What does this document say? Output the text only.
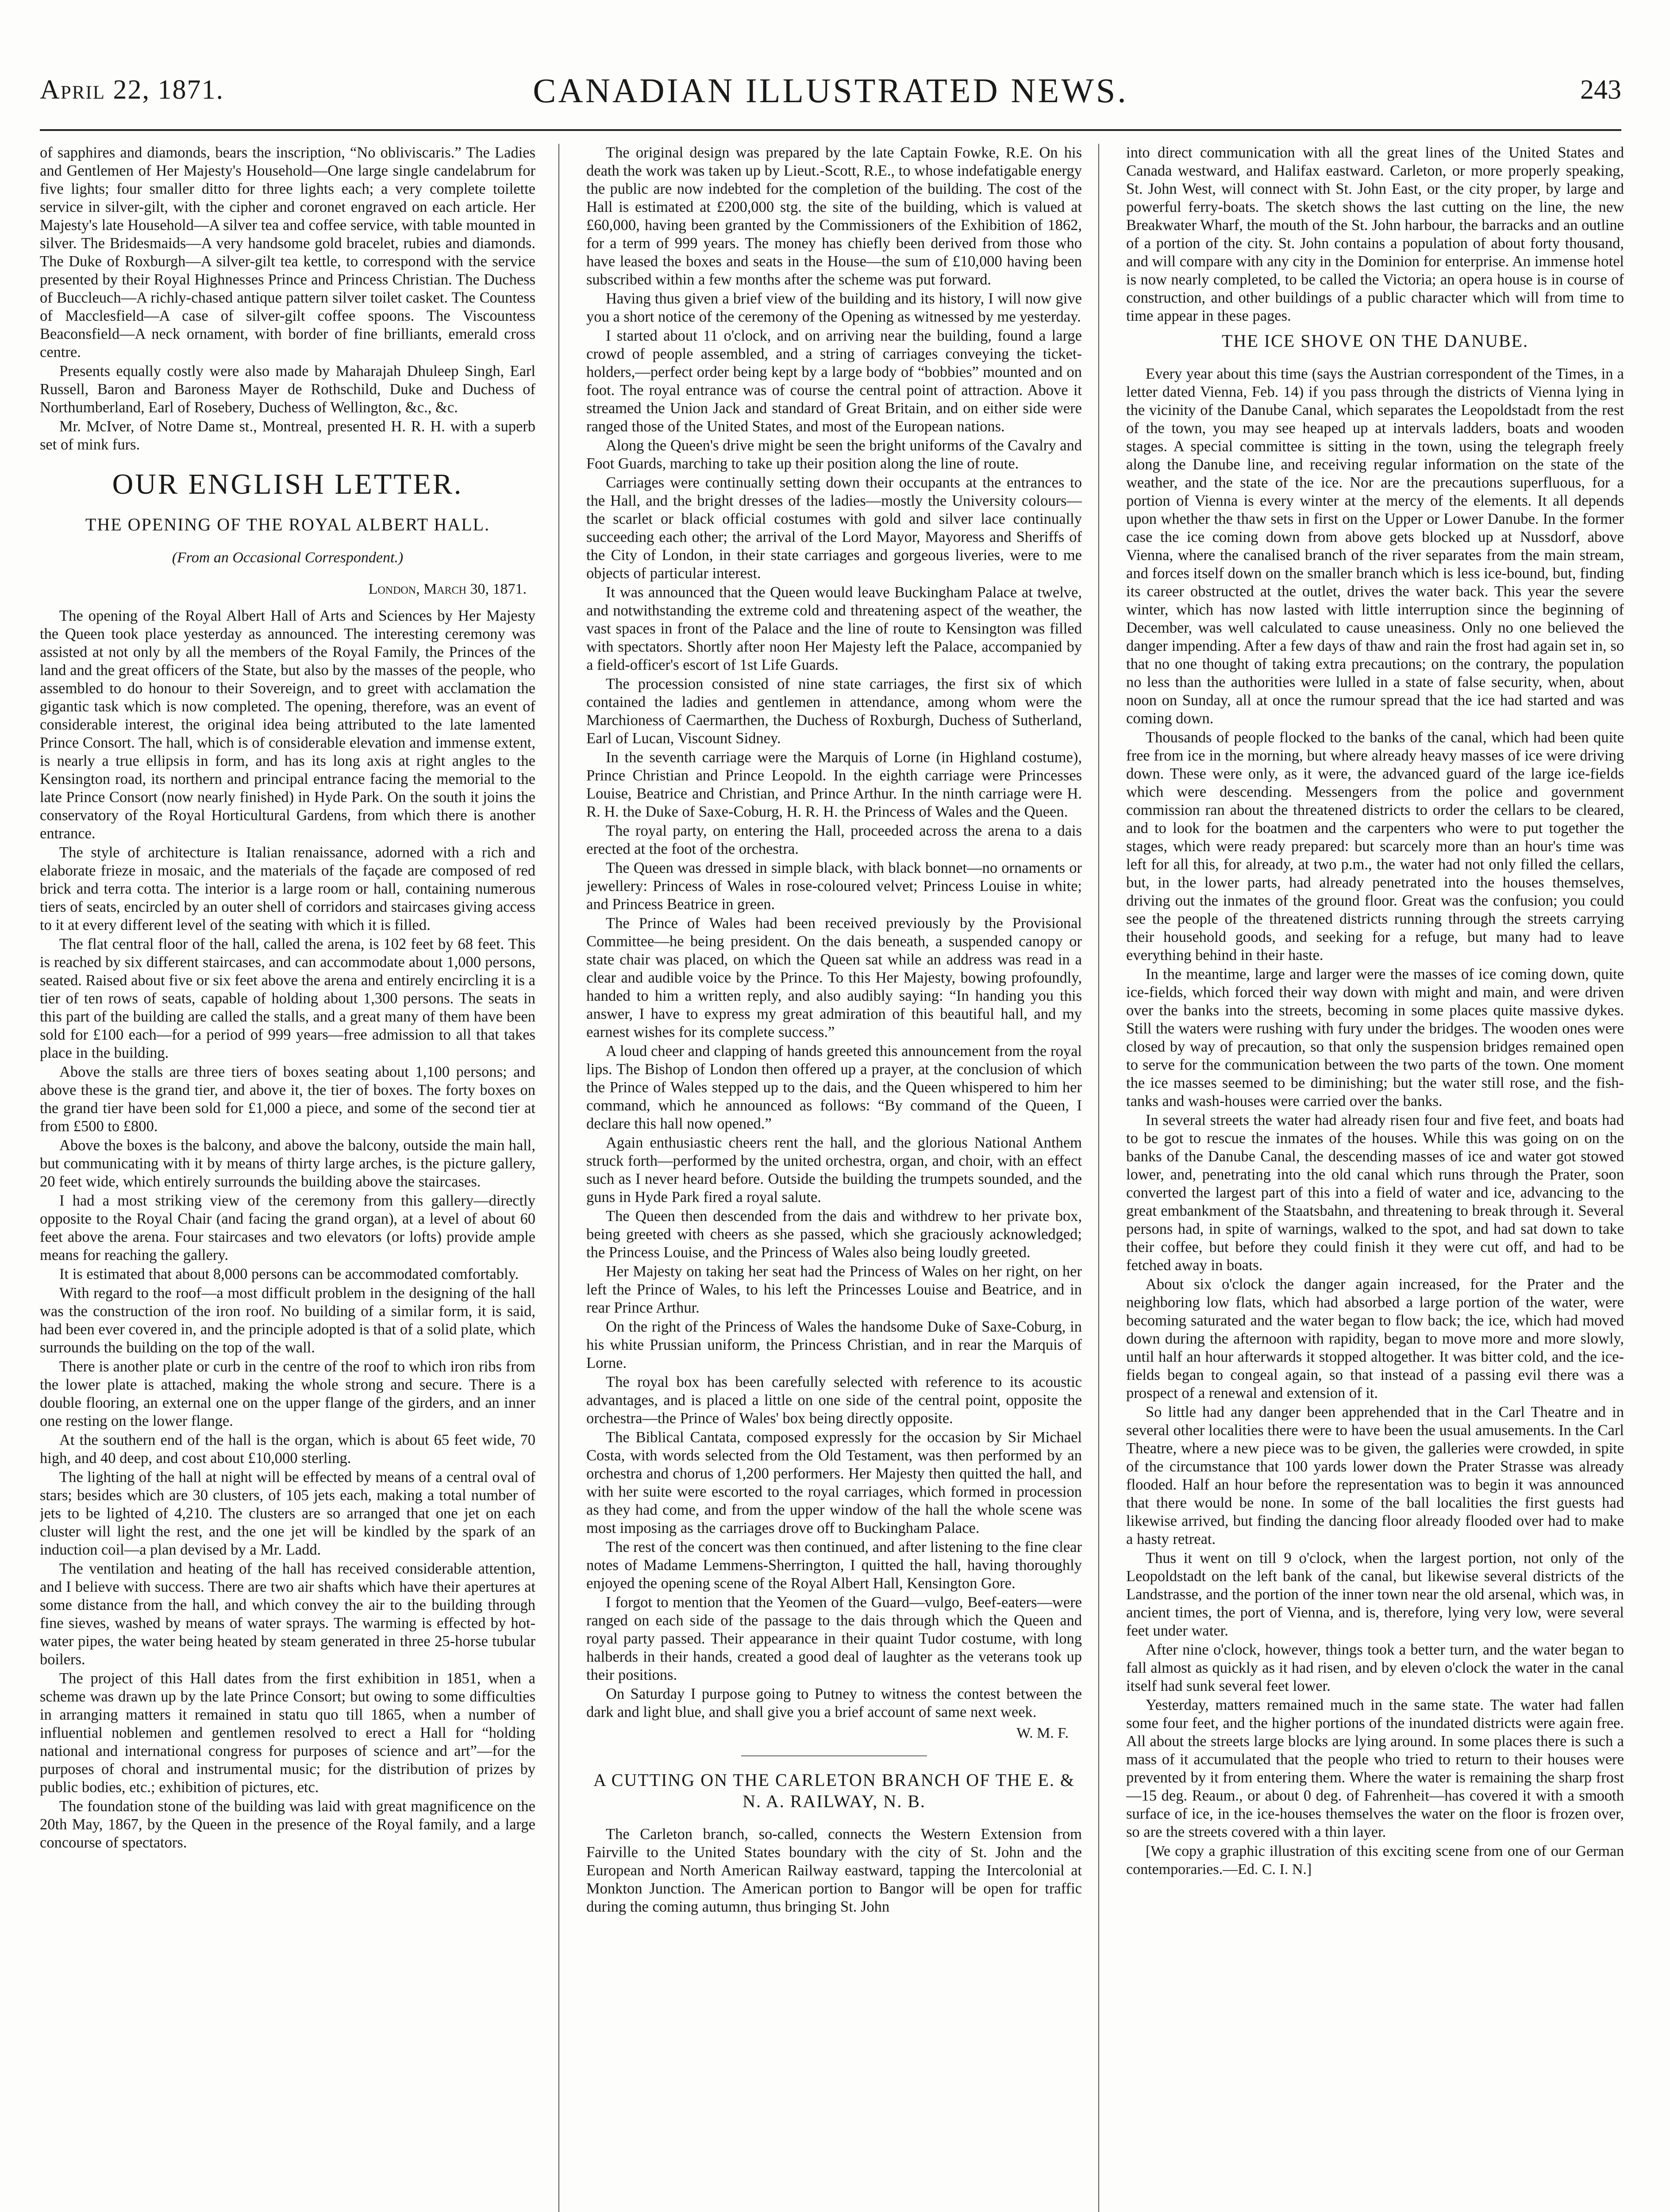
April 22, 1871.	CANADIAN ILLUSTRATED NEWS.	243

of sapphires and diamonds, bears the inscription, “No obliviscaris.” The Ladies and Gentlemen of Her Majesty's Household—One large single candelabrum for five lights; four smaller ditto for three lights each; a very complete toilette service in silver-gilt, with the cipher and coronet engraved on each article. Her Majesty's late Household—A silver tea and coffee service, with table mounted in silver. The Bridesmaids—A very handsome gold bracelet, rubies and diamonds. The Duke of Roxburgh—A silver-gilt tea kettle, to correspond with the service presented by their Royal Highnesses Prince and Princess Christian. The Duchess of Buccleuch—A richly-chased antique pattern silver toilet casket. The Countess of Macclesfield—A case of silver-gilt coffee spoons. The Viscountess Beaconsfield—A neck ornament, with border of fine brilliants, emerald cross centre.

Presents equally costly were also made by Maharajah Dhuleep Singh, Earl Russell, Baron and Baroness Mayer de Rothschild, Duke and Duchess of Northumberland, Earl of Rosebery, Duchess of Wellington, &c., &c.

Mr. McIver, of Notre Dame st., Montreal, presented H. R. H. with a superb set of mink furs.

OUR ENGLISH LETTER.
THE OPENING OF THE ROYAL ALBERT HALL.
(From an Occasional Correspondent.)
London, March 30, 1871.

The opening of the Royal Albert Hall of Arts and Sciences by Her Majesty the Queen took place yesterday as announced. The interesting ceremony was assisted at not only by all the members of the Royal Family, the Princes of the land and the great officers of the State, but also by the masses of the people, who assembled to do honour to their Sovereign, and to greet with acclamation the gigantic task which is now completed. The opening, therefore, was an event of considerable interest, the original idea being attributed to the late lamented Prince Consort. The hall, which is of considerable elevation and immense extent, is nearly a true ellipsis in form, and has its long axis at right angles to the Kensington road, its northern and principal entrance facing the memorial to the late Prince Consort (now nearly finished) in Hyde Park. On the south it joins the conservatory of the Royal Horticultural Gardens, from which there is another entrance.

The style of architecture is Italian renaissance, adorned with a rich and elaborate frieze in mosaic, and the materials of the façade are composed of red brick and terra cotta. The interior is a large room or hall, containing numerous tiers of seats, encircled by an outer shell of corridors and staircases giving access to it at every different level of the seating with which it is filled.

The flat central floor of the hall, called the arena, is 102 feet by 68 feet. This is reached by six different staircases, and can accommodate about 1,000 persons, seated. Raised about five or six feet above the arena and entirely encircling it is a tier of ten rows of seats, capable of holding about 1,300 persons. The seats in this part of the building are called the stalls, and a great many of them have been sold for £100 each—for a period of 999 years—free admission to all that takes place in the building.

Above the stalls are three tiers of boxes seating about 1,100 persons; and above these is the grand tier, and above it, the tier of boxes. The forty boxes on the grand tier have been sold for £1,000 a piece, and some of the second tier at from £500 to £800.

Above the boxes is the balcony, and above the balcony, outside the main hall, but communicating with it by means of thirty large arches, is the picture gallery, 20 feet wide, which entirely surrounds the building above the staircases.

I had a most striking view of the ceremony from this gallery—directly opposite to the Royal Chair (and facing the grand organ), at a level of about 60 feet above the arena. Four staircases and two elevators (or lofts) provide ample means for reaching the gallery.

It is estimated that about 8,000 persons can be accommodated comfortably.

With regard to the roof—a most difficult problem in the designing of the hall was the construction of the iron roof. No building of a similar form, it is said, had been ever covered in, and the principle adopted is that of a solid plate, which surrounds the building on the top of the wall.

There is another plate or curb in the centre of the roof to which iron ribs from the lower plate is attached, making the whole strong and secure. There is a double flooring, an external one on the upper flange of the girders, and an inner one resting on the lower flange.

At the southern end of the hall is the organ, which is about 65 feet wide, 70 high, and 40 deep, and cost about £10,000 sterling.

The lighting of the hall at night will be effected by means of a central oval of stars; besides which are 30 clusters, of 105 jets each, making a total number of jets to be lighted of 4,210. The clusters are so arranged that one jet on each cluster will light the rest, and the one jet will be kindled by the spark of an induction coil—a plan devised by a Mr. Ladd.

The ventilation and heating of the hall has received considerable attention, and I believe with success. There are two air shafts which have their apertures at some distance from the hall, and which convey the air to the building through fine sieves, washed by means of water sprays. The warming is effected by hot-water pipes, the water being heated by steam generated in three 25-horse tubular boilers.

The project of this Hall dates from the first exhibition in 1851, when a scheme was drawn up by the late Prince Consort; but owing to some difficulties in arranging matters it remained in statu quo till 1865, when a number of influential noblemen and gentlemen resolved to erect a Hall for “holding national and international congress for purposes of science and art”—for the purposes of choral and instrumental music; for the distribution of prizes by public bodies, etc.; exhibition of pictures, etc.

The foundation stone of the building was laid with great magnificence on the 20th May, 1867, by the Queen in the presence of the Royal family, and a large concourse of spectators.

The original design was prepared by the late Captain Fowke, R.E. On his death the work was taken up by Lieut.-Scott, R.E., to whose indefatigable energy the public are now indebted for the completion of the building. The cost of the Hall is estimated at £200,000 stg. the site of the building, which is valued at £60,000, having been granted by the Commissioners of the Exhibition of 1862, for a term of 999 years. The money has chiefly been derived from those who have leased the boxes and seats in the House—the sum of £10,000 having been subscribed within a few months after the scheme was put forward.

Having thus given a brief view of the building and its history, I will now give you a short notice of the ceremony of the Opening as witnessed by me yesterday.

I started about 11 o'clock, and on arriving near the building, found a large crowd of people assembled, and a string of carriages conveying the ticket-holders,—perfect order being kept by a large body of “bobbies” mounted and on foot. The royal entrance was of course the central point of attraction. Above it streamed the Union Jack and standard of Great Britain, and on either side were ranged those of the United States, and most of the European nations.

Along the Queen's drive might be seen the bright uniforms of the Cavalry and Foot Guards, marching to take up their position along the line of route.

Carriages were continually setting down their occupants at the entrances to the Hall, and the bright dresses of the ladies—mostly the University colours—the scarlet or black official costumes with gold and silver lace continually succeeding each other; the arrival of the Lord Mayor, Mayoress and Sheriffs of the City of London, in their state carriages and gorgeous liveries, were to me objects of particular interest.

It was announced that the Queen would leave Buckingham Palace at twelve, and notwithstanding the extreme cold and threatening aspect of the weather, the vast spaces in front of the Palace and the line of route to Kensington was filled with spectators. Shortly after noon Her Majesty left the Palace, accompanied by a field-officer's escort of 1st Life Guards.

The procession consisted of nine state carriages, the first six of which contained the ladies and gentlemen in attendance, among whom were the Marchioness of Caermarthen, the Duchess of Roxburgh, Duchess of Sutherland, Earl of Lucan, Viscount Sidney.

In the seventh carriage were the Marquis of Lorne (in Highland costume), Prince Christian and Prince Leopold. In the eighth carriage were Princesses Louise, Beatrice and Christian, and Prince Arthur. In the ninth carriage were H. R. H. the Duke of Saxe-Coburg, H. R. H. the Princess of Wales and the Queen.

The royal party, on entering the Hall, proceeded across the arena to a dais erected at the foot of the orchestra.

The Queen was dressed in simple black, with black bonnet—no ornaments or jewellery: Princess of Wales in rose-coloured velvet; Princess Louise in white; and Princess Beatrice in green.

The Prince of Wales had been received previously by the Provisional Committee—he being president. On the dais beneath, a suspended canopy or state chair was placed, on which the Queen sat while an address was read in a clear and audible voice by the Prince. To this Her Majesty, bowing profoundly, handed to him a written reply, and also audibly saying: “In handing you this answer, I have to express my great admiration of this beautiful hall, and my earnest wishes for its complete success.”

A loud cheer and clapping of hands greeted this announcement from the royal lips. The Bishop of London then offered up a prayer, at the conclusion of which the Prince of Wales stepped up to the dais, and the Queen whispered to him her command, which he announced as follows: “By command of the Queen, I declare this hall now opened.”

Again enthusiastic cheers rent the hall, and the glorious National Anthem struck forth—performed by the united orchestra, organ, and choir, with an effect such as I never heard before. Outside the building the trumpets sounded, and the guns in Hyde Park fired a royal salute.

The Queen then descended from the dais and withdrew to her private box, being greeted with cheers as she passed, which she graciously acknowledged; the Princess Louise, and the Princess of Wales also being loudly greeted.

Her Majesty on taking her seat had the Princess of Wales on her right, on her left the Prince of Wales, to his left the Princesses Louise and Beatrice, and in rear Prince Arthur.

On the right of the Princess of Wales the handsome Duke of Saxe-Coburg, in his white Prussian uniform, the Princess Christian, and in rear the Marquis of Lorne.

The royal box has been carefully selected with reference to its acoustic advantages, and is placed a little on one side of the central point, opposite the orchestra—the Prince of Wales' box being directly opposite.

The Biblical Cantata, composed expressly for the occasion by Sir Michael Costa, with words selected from the Old Testament, was then performed by an orchestra and chorus of 1,200 performers. Her Majesty then quitted the hall, and with her suite were escorted to the royal carriages, which formed in procession as they had come, and from the upper window of the hall the whole scene was most imposing as the carriages drove off to Buckingham Palace.

The rest of the concert was then continued, and after listening to the fine clear notes of Madame Lemmens-Sherrington, I quitted the hall, having thoroughly enjoyed the opening scene of the Royal Albert Hall, Kensington Gore.

I forgot to mention that the Yeomen of the Guard—vulgo, Beef-eaters—were ranged on each side of the passage to the dais through which the Queen and royal party passed. Their appearance in their quaint Tudor costume, with long halberds in their hands, created a good deal of laughter as the veterans took up their positions.

On Saturday I purpose going to Putney to witness the contest between the dark and light blue, and shall give you a brief account of same next week.

W. M. F.
A CUTTING ON THE CARLETON BRANCH OF THE E. & N. A. RAILWAY, N. B.

The Carleton branch, so-called, connects the Western Extension from Fairville to the United States boundary with the city of St. John and the European and North American Railway eastward, tapping the Intercolonial at Monkton Junction. The American portion to Bangor will be open for traffic during the coming autumn, thus bringing St. John

into direct communication with all the great lines of the United States and Canada westward, and Halifax eastward. Carleton, or more properly speaking, St. John West, will connect with St. John East, or the city proper, by large and powerful ferry-boats. The sketch shows the last cutting on the line, the new Breakwater Wharf, the mouth of the St. John harbour, the barracks and an outline of a portion of the city. St. John contains a population of about forty thousand, and will compare with any city in the Dominion for enterprise. An immense hotel is now nearly completed, to be called the Victoria; an opera house is in course of construction, and other buildings of a public character which will from time to time appear in these pages.

THE ICE SHOVE ON THE DANUBE.

Every year about this time (says the Austrian correspondent of the Times, in a letter dated Vienna, Feb. 14) if you pass through the districts of Vienna lying in the vicinity of the Danube Canal, which separates the Leopoldstadt from the rest of the town, you may see heaped up at intervals ladders, boats and wooden stages. A special committee is sitting in the town, using the telegraph freely along the Danube line, and receiving regular information on the state of the weather, and the state of the ice. Nor are the precautions superfluous, for a portion of Vienna is every winter at the mercy of the elements. It all depends upon whether the thaw sets in first on the Upper or Lower Danube. In the former case the ice coming down from above gets blocked up at Nussdorf, above Vienna, where the canalised branch of the river separates from the main stream, and forces itself down on the smaller branch which is less ice-bound, but, finding its career obstructed at the outlet, drives the water back. This year the severe winter, which has now lasted with little interruption since the beginning of December, was well calculated to cause uneasiness. Only no one believed the danger impending. After a few days of thaw and rain the frost had again set in, so that no one thought of taking extra precautions; on the contrary, the population no less than the authorities were lulled in a state of false security, when, about noon on Sunday, all at once the rumour spread that the ice had started and was coming down.

Thousands of people flocked to the banks of the canal, which had been quite free from ice in the morning, but where already heavy masses of ice were driving down. These were only, as it were, the advanced guard of the large ice-fields which were descending. Messengers from the police and government commission ran about the threatened districts to order the cellars to be cleared, and to look for the boatmen and the carpenters who were to put together the stages, which were ready prepared: but scarcely more than an hour's time was left for all this, for already, at two p.m., the water had not only filled the cellars, but, in the lower parts, had already penetrated into the houses themselves, driving out the inmates of the ground floor. Great was the confusion; you could see the people of the threatened districts running through the streets carrying their household goods, and seeking for a refuge, but many had to leave everything behind in their haste.

In the meantime, large and larger were the masses of ice coming down, quite ice-fields, which forced their way down with might and main, and were driven over the banks into the streets, becoming in some places quite massive dykes. Still the waters were rushing with fury under the bridges. The wooden ones were closed by way of precaution, so that only the suspension bridges remained open to serve for the communication between the two parts of the town. One moment the ice masses seemed to be diminishing; but the water still rose, and the fish-tanks and wash-houses were carried over the banks.

In several streets the water had already risen four and five feet, and boats had to be got to rescue the inmates of the houses. While this was going on on the banks of the Danube Canal, the descending masses of ice and water got stowed lower, and, penetrating into the old canal which runs through the Prater, soon converted the largest part of this into a field of water and ice, advancing to the great embankment of the Staatsbahn, and threatening to break through it. Several persons had, in spite of warnings, walked to the spot, and had sat down to take their coffee, but before they could finish it they were cut off, and had to be fetched away in boats.

About six o'clock the danger again increased, for the Prater and the neighboring low flats, which had absorbed a large portion of the water, were becoming saturated and the water began to flow back; the ice, which had moved down during the afternoon with rapidity, began to move more and more slowly, until half an hour afterwards it stopped altogether. It was bitter cold, and the ice-fields began to congeal again, so that instead of a passing evil there was a prospect of a renewal and extension of it.

So little had any danger been apprehended that in the Carl Theatre and in several other localities there were to have been the usual amusements. In the Carl Theatre, where a new piece was to be given, the galleries were crowded, in spite of the circumstance that 100 yards lower down the Prater Strasse was already flooded. Half an hour before the representation was to begin it was announced that there would be none. In some of the ball localities the first guests had likewise arrived, but finding the dancing floor already flooded over had to make a hasty retreat.

Thus it went on till 9 o'clock, when the largest portion, not only of the Leopoldstadt on the left bank of the canal, but likewise several districts of the Landstrasse, and the portion of the inner town near the old arsenal, which was, in ancient times, the port of Vienna, and is, therefore, lying very low, were several feet under water.

After nine o'clock, however, things took a better turn, and the water began to fall almost as quickly as it had risen, and by eleven o'clock the water in the canal itself had sunk several feet lower.

Yesterday, matters remained much in the same state. The water had fallen some four feet, and the higher portions of the inundated districts were again free. All about the streets large blocks are lying around. In some places there is such a mass of it accumulated that the people who tried to return to their houses were prevented by it from entering them. Where the water is remaining the sharp frost—15 deg. Reaum., or about 0 deg. of Fahrenheit—has covered it with a smooth surface of ice, in the ice-houses themselves the water on the floor is frozen over, so are the streets covered with a thin layer.

[We copy a graphic illustration of this exciting scene from one of our German contemporaries.—Ed. C. I. N.]
